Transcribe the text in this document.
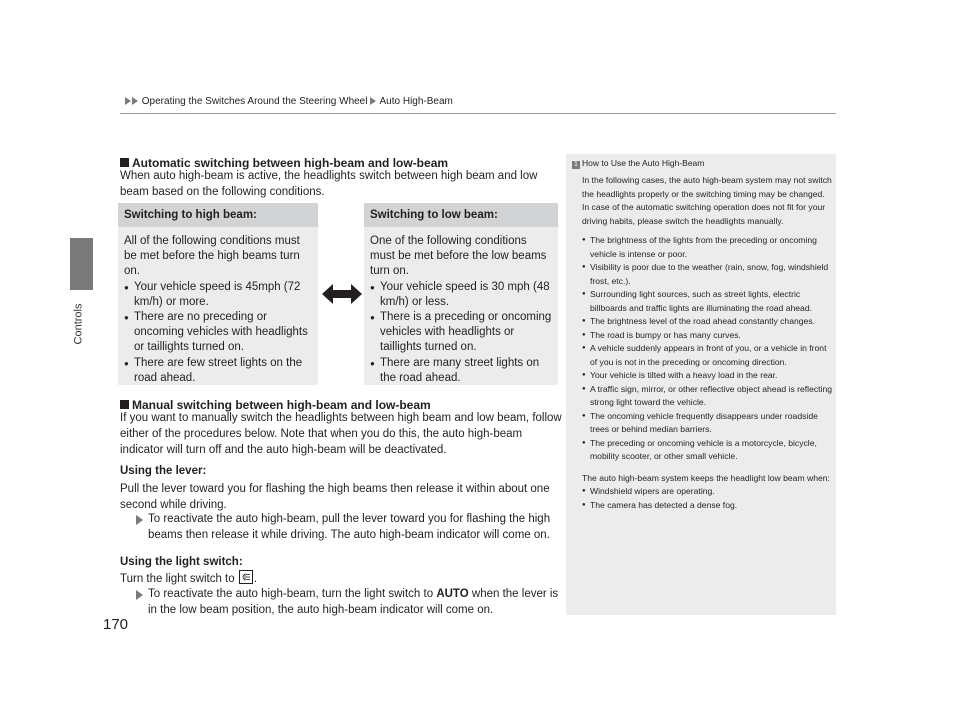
Operating the Switches Around the Steering Wheel Auto High-Beam
Controls
Automatic switching between high-beam and low-beam
When auto high-beam is active, the headlights switch between high beam and low beam based on the following conditions.
Switching to high beam:	Switching to low beam:
All of the following conditions must be met before the high beams turn on.
● Your vehicle speed is 45mph (72 km/h) or more.
● There are no preceding or oncoming vehicles with headlights or taillights turned on.
● There are few street lights on the road ahead.
One of the following conditions must be met before the low beams turn on.
● Your vehicle speed is 30 mph (48 km/h) or less.
● There is a preceding or oncoming vehicles with headlights or taillights turned on.
● There are many street lights on the road ahead.
Manual switching between high-beam and low-beam
If you want to manually switch the headlights between high beam and low beam, follow either of the procedures below. Note that when you do this, the auto high-beam indicator will turn off and the auto high-beam will be deactivated.
Using the lever:
Pull the lever toward you for flashing the high beams then release it within about one second while driving.
To reactivate the auto high-beam, pull the lever toward you for flashing the high beams then release it while driving. The auto high-beam indicator will come on.
Using the light switch:
Turn the light switch to .
To reactivate the auto high-beam, turn the light switch to AUTO when the lever is in the low beam position, the auto high-beam indicator will come on.
1 How to Use the Auto High-Beam

In the following cases, the auto high-beam system may not switch the headlights properly or the switching timing may be changed. In case of the automatic switching operation does not fit for your driving habits, please switch the headlights manually.

● The brightness of the lights from the preceding or oncoming vehicle is intense or poor.
● Visibility is poor due to the weather (rain, snow, fog, windshield frost, etc.).
● Surrounding light sources, such as street lights, electric billboards and traffic lights are illuminating the road ahead.
● The brightness level of the road ahead constantly changes.
● The road is bumpy or has many curves.
● A vehicle suddenly appears in front of you, or a vehicle in front of you is not in the preceding or oncoming direction.
● Your vehicle is tilted with a heavy load in the rear.
● A traffic sign, mirror, or other reflective object ahead is reflecting strong light toward the vehicle.
● The oncoming vehicle frequently disappears under roadside trees or behind median barriers.
● The preceding or oncoming vehicle is a motorcycle, bicycle, mobility scooter, or other small vehicle.

The auto high-beam system keeps the headlight low beam when:

● Windshield wipers are operating.
● The camera has detected a dense fog.
170
